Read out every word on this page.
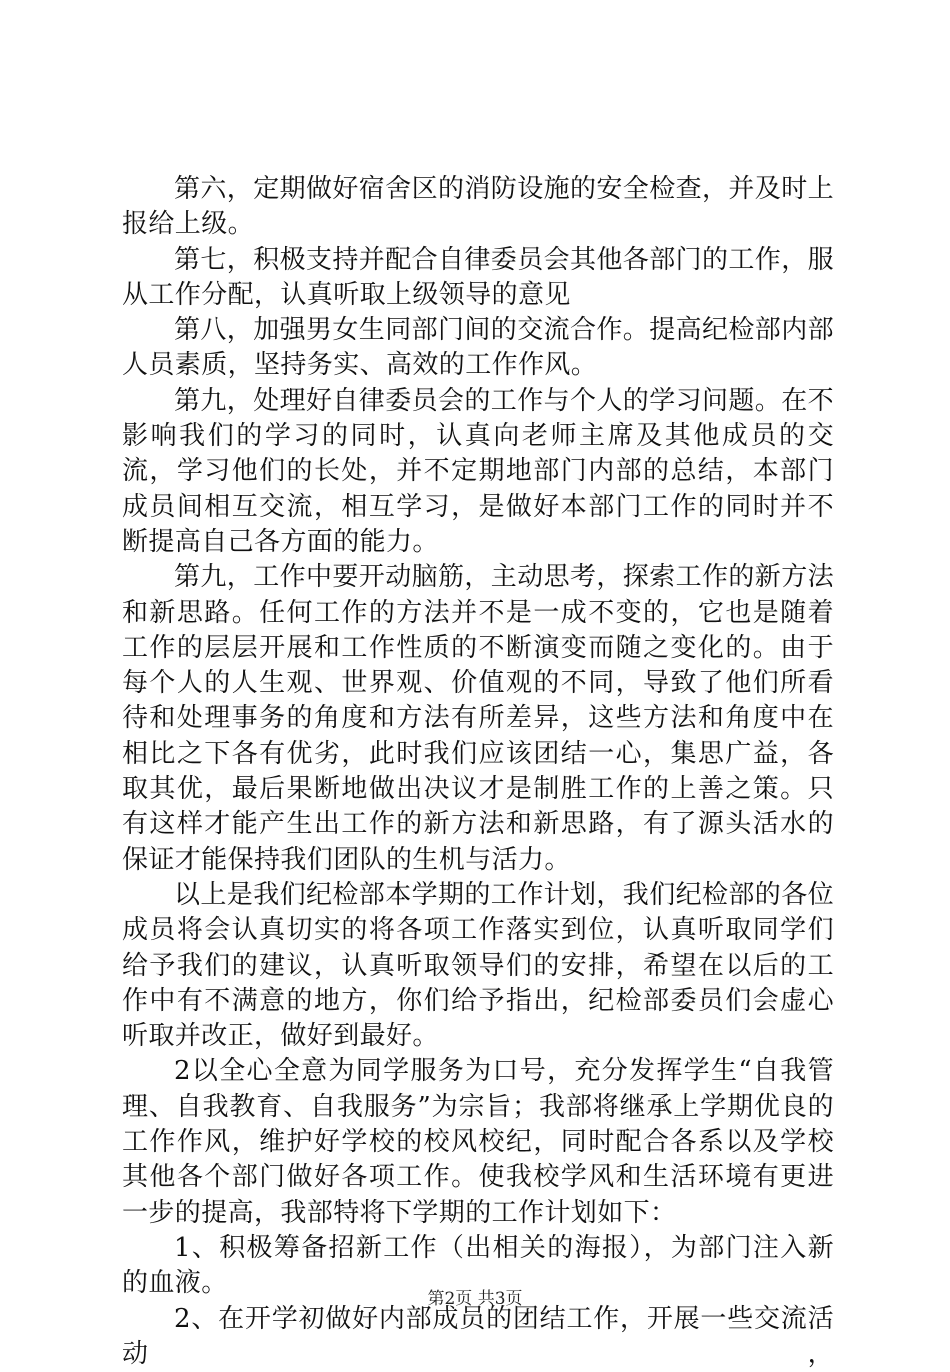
第六，定期做好宿舍区的消防设施的安全检查，并及时上报给上级。

第七，积极支持并配合自律委员会其他各部门的工作，服从工作分配，认真听取上级领导的意见

第八，加强男女生同部门间的交流合作。提高纪检部内部人员素质，坚持务实、高效的工作作风。

第九，处理好自律委员会的工作与个人的学习问题。在不影响我们的学习的同时，认真向老师主席及其他成员的交流，学习他们的长处，并不定期地部门内部的总结，本部门成员间相互交流，相互学习，是做好本部门工作的同时并不断提高自己各方面的能力。

第九，工作中要开动脑筋，主动思考，探索工作的新方法和新思路。任何工作的方法并不是一成不变的，它也是随着工作的层层开展和工作性质的不断演变而随之变化的。由于每个人的人生观、世界观、价值观的不同，导致了他们所看待和处理事务的角度和方法有所差异，这些方法和角度中在相比之下各有优劣，此时我们应该团结一心，集思广益，各取其优，最后果断地做出决议才是制胜工作的上善之策。只有这样才能产生出工作的新方法和新思路，有了源头活水的保证才能保持我们团队的生机与活力。

以上是我们纪检部本学期的工作计划，我们纪检部的各位成员将会认真切实的将各项工作落实到位，认真听取同学们给予我们的建议，认真听取领导们的安排，希望在以后的工作中有不满意的地方，你们给予指出，纪检部委员们会虚心听取并改正，做好到最好。

2以全心全意为同学服务为口号，充分发挥学生“自我管理、自我教育、自我服务”为宗旨；我部将继承上学期优良的工作作风，维护好学校的校风校纪，同时配合各系以及学校其他各个部门做好各项工作。使我校学风和生活环境有更进一步的提高，我部特将下学期的工作计划如下：

1、积极筹备招新工作（出相关的海报），为部门注入新的血液。

2、在开学初做好内部成员的团结工作，开展一些交流活动，

第2页 共3页
